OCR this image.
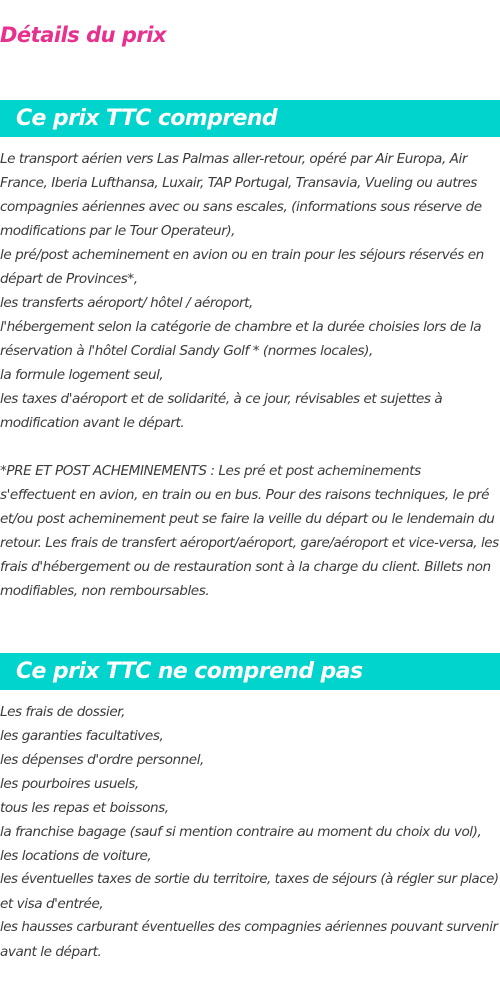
Détails du prix
Ce prix TTC comprend
Le transport aérien vers Las Palmas aller-retour, opéré par Air Europa, Air
France, Iberia Lufthansa, Luxair, TAP Portugal, Transavia, Vueling ou autres
compagnies aériennes avec ou sans escales, (informations sous réserve de
modifications par le Tour Operateur),
le pré/post acheminement en avion ou en train pour les séjours réservés en
départ de Provinces*,
les transferts aéroport/ hôtel / aéroport,
l'hébergement selon la catégorie de chambre et la durée choisies lors de la
réservation à l'hôtel Cordial Sandy Golf * (normes locales),
la formule logement seul,
les taxes d'aéroport et de solidarité, à ce jour, révisables et sujettes à
modification avant le départ.
*PRE ET POST ACHEMINEMENTS : Les pré et post acheminements
s'effectuent en avion, en train ou en bus. Pour des raisons techniques, le pré
et/ou post acheminement peut se faire la veille du départ ou le lendemain du
retour. Les frais de transfert aéroport/aéroport, gare/aéroport et vice-versa, les
frais d'hébergement ou de restauration sont à la charge du client. Billets non
modifiables, non remboursables.
Ce prix TTC ne comprend pas
Les frais de dossier,
les garanties facultatives,
les dépenses d'ordre personnel,
les pourboires usuels,
tous les repas et boissons,
la franchise bagage (sauf si mention contraire au moment du choix du vol),
les locations de voiture,
les éventuelles taxes de sortie du territoire, taxes de séjours (à régler sur place)
et visa d'entrée,
les hausses carburant éventuelles des compagnies aériennes pouvant survenir
avant le départ.
